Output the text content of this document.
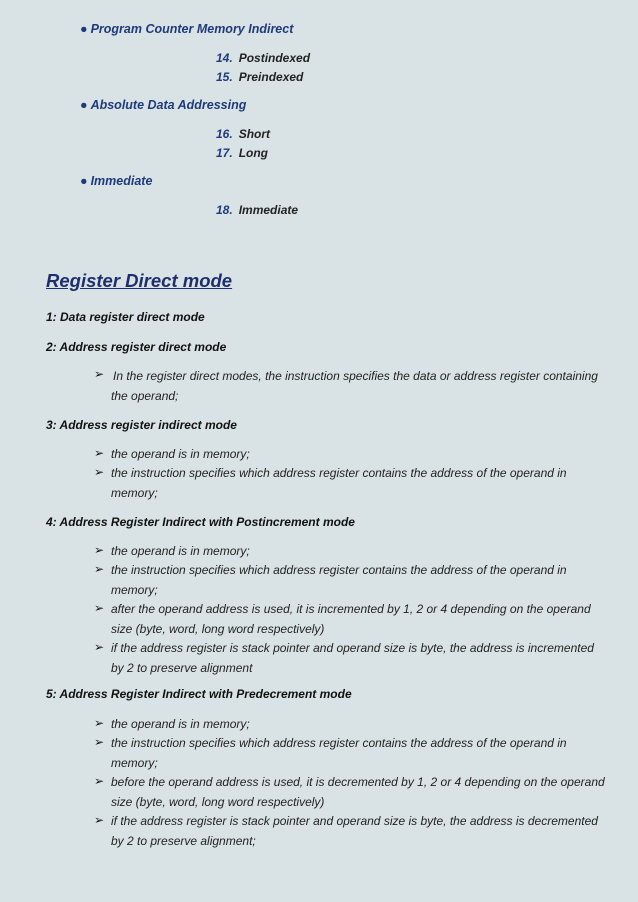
● Program Counter Memory Indirect
14. Postindexed
15. Preindexed
● Absolute Data Addressing
16. Short
17. Long
● Immediate
18. Immediate
Register Direct mode
1: Data register direct mode
2: Address register direct mode
➢ In the register direct modes, the instruction specifies the data or address register containing
the operand;
3: Address register indirect mode
➢ the operand is in memory;
➢ the instruction specifies which address register contains the address of the operand in
memory;
4: Address Register Indirect with Postincrement mode
➢ the operand is in memory;
➢ the instruction specifies which address register contains the address of the operand in
memory;
➢ after the operand address is used, it is incremented by 1, 2 or 4 depending on the operand
size (byte, word, long word respectively)
➢ if the address register is stack pointer and operand size is byte, the address is incremented
by 2 to preserve alignment
5: Address Register Indirect with Predecrement mode
➢ the operand is in memory;
➢ the instruction specifies which address register contains the address of the operand in
memory;
➢ before the operand address is used, it is decremented by 1, 2 or 4 depending on the operand
size (byte, word, long word respectively)
➢ if the address register is stack pointer and operand size is byte, the address is decremented
by 2 to preserve alignment;
